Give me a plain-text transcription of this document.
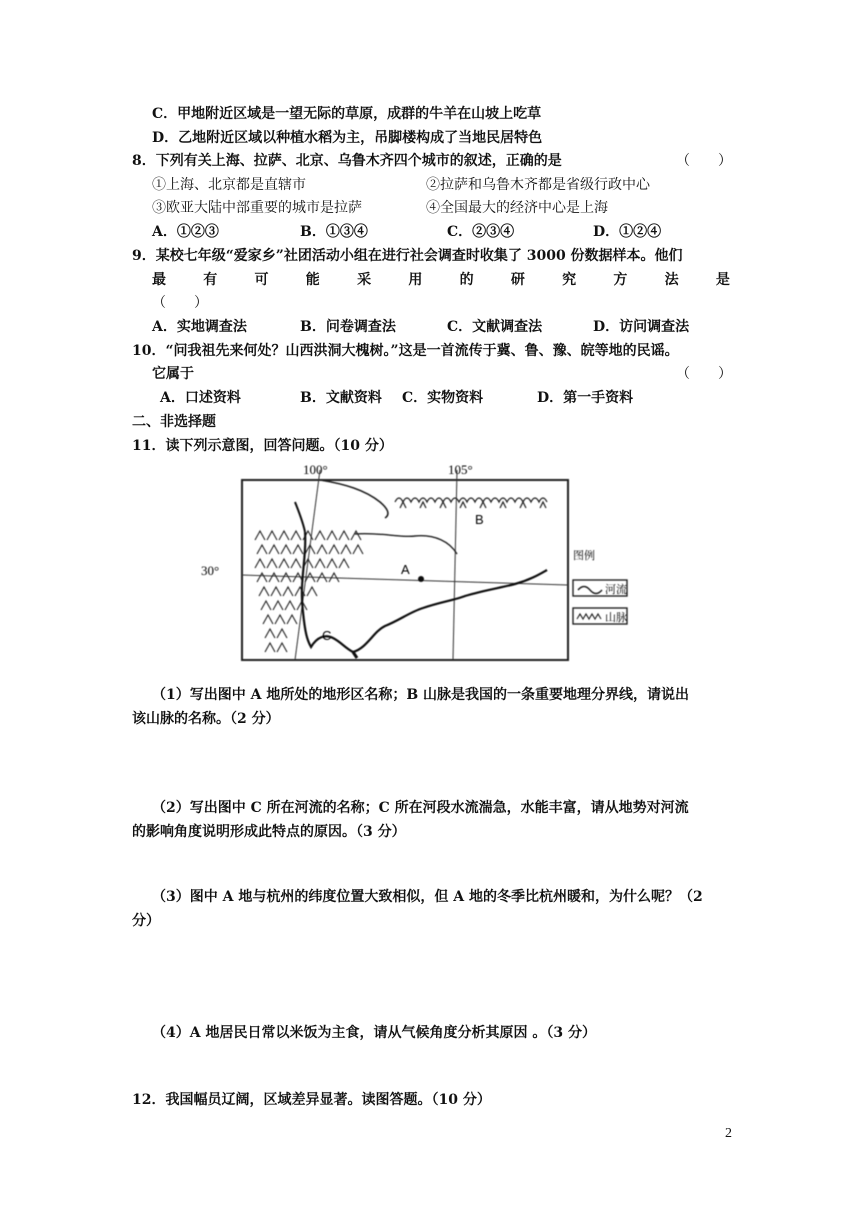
C．甲地附近区域是一望无际的草原，成群的牛羊在山坡上吃草
D．乙地附近区域以种植水稻为主，吊脚楼构成了当地民居特色
8．下列有关上海、拉萨、北京、乌鲁木齐四个城市的叙述，正确的是	（　　）
①上海、北京都是直辖市	②拉萨和乌鲁木齐都是省级行政中心
③欧亚大陆中部重要的城市是拉萨	④全国最大的经济中心是上海
A．①②③	B．①③④	C．②③④	D．①②④
9．某校七年级“爱家乡”社团活动小组在进行社会调查时收集了 3000 份数据样本。他们
最	有	可	能	采	用	的	研	究	方	法	是
（　　）
A．实地调查法	B．问卷调查法	C．文献调查法	D．访问调查法
10．“问我祖先来何处？山西洪洞大槐树。”这是一首流传于冀、鲁、豫、皖等地的民谣。
它属于	（　　）
A．口述资料	B．文献资料 C．实物资料	D．第一手资料
二、非选择题
11．读下列示意图，回答问题。（10 分）
100°	105°
30°	A
B
C
图例
河流
山脉
（1）写出图中 A 地所处的地形区名称；B 山脉是我国的一条重要地理分界线，请说出
该山脉的名称。（2 分）
（2）写出图中 C 所在河流的名称；C 所在河段水流湍急，水能丰富，请从地势对河流
的影响角度说明形成此特点的原因。（3 分）
（3）图中 A 地与杭州的纬度位置大致相似，但 A 地的冬季比杭州暖和，为什么呢？（2
分）
（4）A 地居民日常以米饭为主食，请从气候角度分析其原因 。（3 分）
12．我国幅员辽阔，区域差异显著。读图答题。（10 分）
2
